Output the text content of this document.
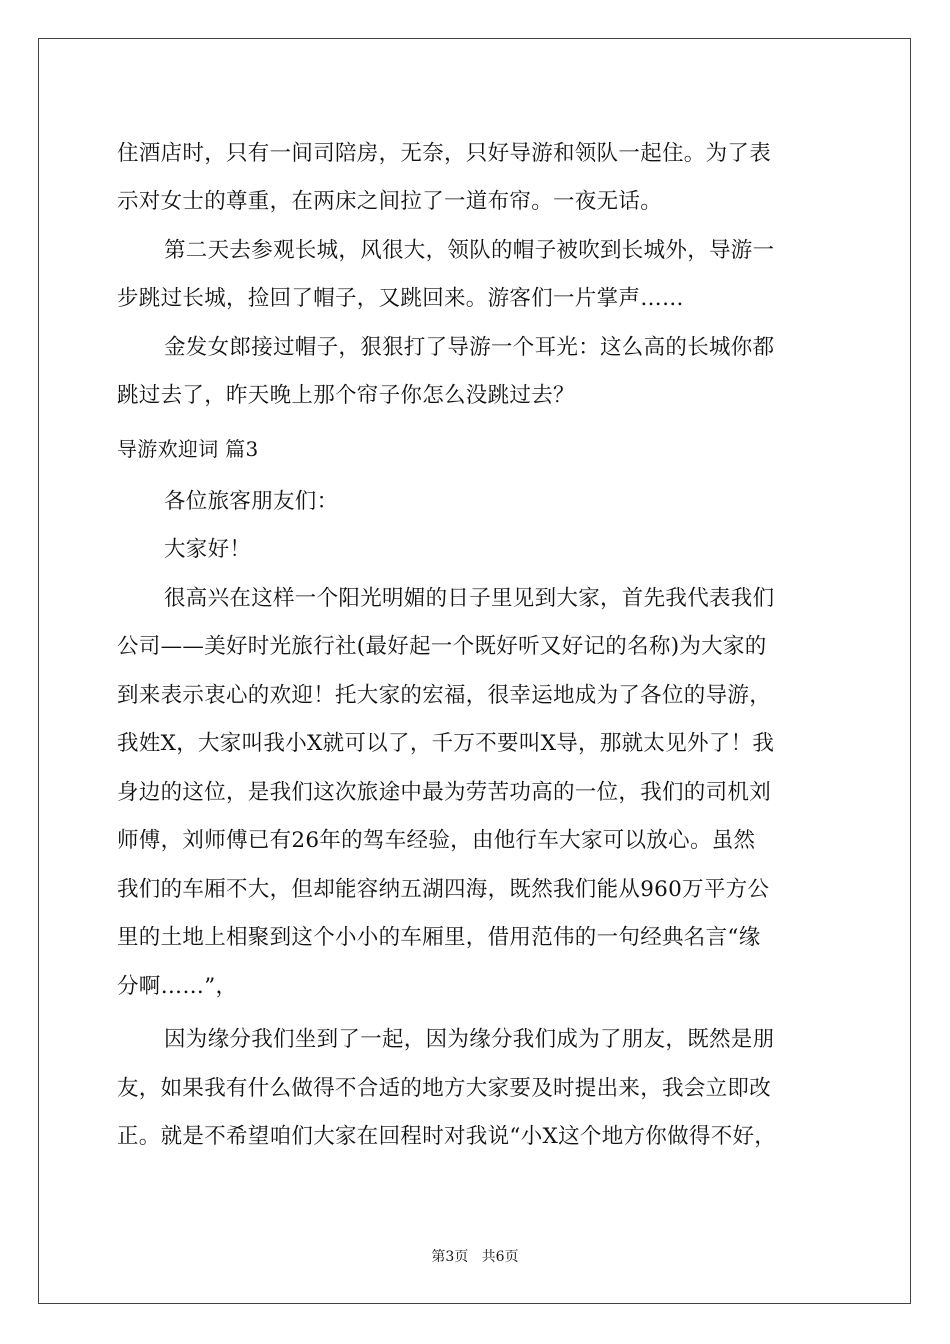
住酒店时，只有一间司陪房，无奈，只好导游和领队一起住。为了表
示对女士的尊重，在两床之间拉了一道布帘。一夜无话。
第二天去参观长城，风很大，领队的帽子被吹到长城外，导游一
步跳过长城，捡回了帽子，又跳回来。游客们一片掌声……
金发女郎接过帽子，狠狠打了导游一个耳光：这么高的长城你都
跳过去了，昨天晚上那个帘子你怎么没跳过去？
导游欢迎词 篇3
各位旅客朋友们：
大家好！
很高兴在这样一个阳光明媚的日子里见到大家，首先我代表我们
公司——美好时光旅行社(最好起一个既好听又好记的名称)为大家的
到来表示衷心的欢迎！托大家的宏福，很幸运地成为了各位的导游，
我姓X，大家叫我小X就可以了，千万不要叫X导，那就太见外了！我
身边的这位，是我们这次旅途中最为劳苦功高的一位，我们的司机刘
师傅，刘师傅已有26年的驾车经验，由他行车大家可以放心。虽然
我们的车厢不大，但却能容纳五湖四海，既然我们能从960万平方公
里的土地上相聚到这个小小的车厢里，借用范伟的一句经典名言“缘
分啊……”，
因为缘分我们坐到了一起，因为缘分我们成为了朋友，既然是朋
友，如果我有什么做得不合适的地方大家要及时提出来，我会立即改
正。就是不希望咱们大家在回程时对我说“小X这个地方你做得不好，
第3页   共6页
